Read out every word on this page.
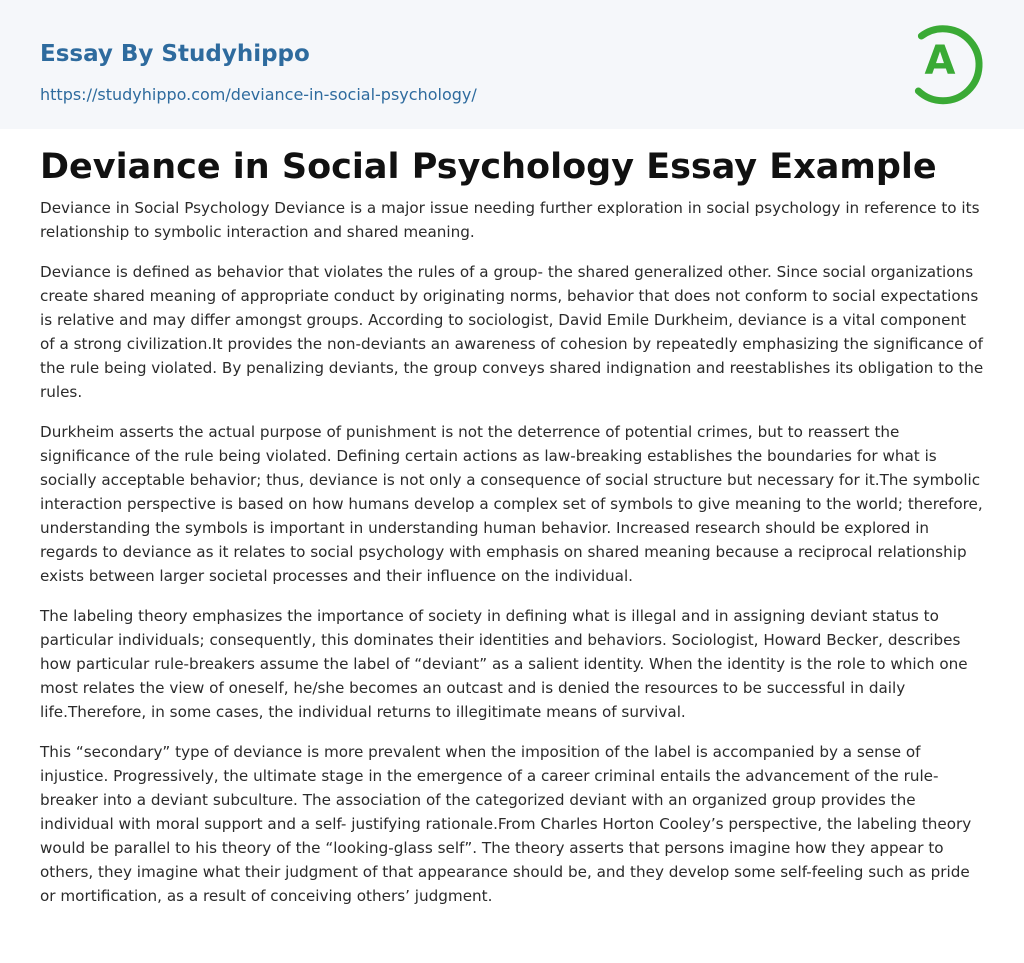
Essay By Studyhippo
https://studyhippo.com/deviance-in-social-psychology/
A
Deviance in Social Psychology Essay Example

Deviance in Social Psychology Deviance is a major issue needing further exploration in social psychology in reference to its relationship to symbolic interaction and shared meaning.

Deviance is defined as behavior that violates the rules of a group- the shared generalized other. Since social organizations create shared meaning of appropriate conduct by originating norms, behavior that does not conform to social expectations is relative and may differ amongst groups. According to sociologist, David Emile Durkheim, deviance is a vital component of a strong civilization.It provides the non-deviants an awareness of cohesion by repeatedly emphasizing the significance of the rule being violated. By penalizing deviants, the group conveys shared indignation and reestablishes its obligation to the rules.

Durkheim asserts the actual purpose of punishment is not the deterrence of potential crimes, but to reassert the significance of the rule being violated. Defining certain actions as law-breaking establishes the boundaries for what is socially acceptable behavior; thus, deviance is not only a consequence of social structure but necessary for it.The symbolic interaction perspective is based on how humans develop a complex set of symbols to give meaning to the world; therefore, understanding the symbols is important in understanding human behavior. Increased research should be explored in regards to deviance as it relates to social psychology with emphasis on shared meaning because a reciprocal relationship exists between larger societal processes and their influence on the individual.

The labeling theory emphasizes the importance of society in defining what is illegal and in assigning deviant status to particular individuals; consequently, this dominates their identities and behaviors. Sociologist, Howard Becker, describes how particular rule-breakers assume the label of “deviant” as a salient identity. When the identity is the role to which one most relates the view of oneself, he/she becomes an outcast and is denied the resources to be successful in daily life.Therefore, in some cases, the individual returns to illegitimate means of survival.

This “secondary” type of deviance is more prevalent when the imposition of the label is accompanied by a sense of injustice. Progressively, the ultimate stage in the emergence of a career criminal entails the advancement of the rule- breaker into a deviant subculture. The association of the categorized deviant with an organized group provides the individual with moral support and a self- justifying rationale.From Charles Horton Cooley’s perspective, the labeling theory would be parallel to his theory of the “looking-glass self”. The theory asserts that persons imagine how they appear to others, they imagine what their judgment of that appearance should be, and they develop some self-feeling such as pride or mortification, as a result of conceiving others’ judgment.
